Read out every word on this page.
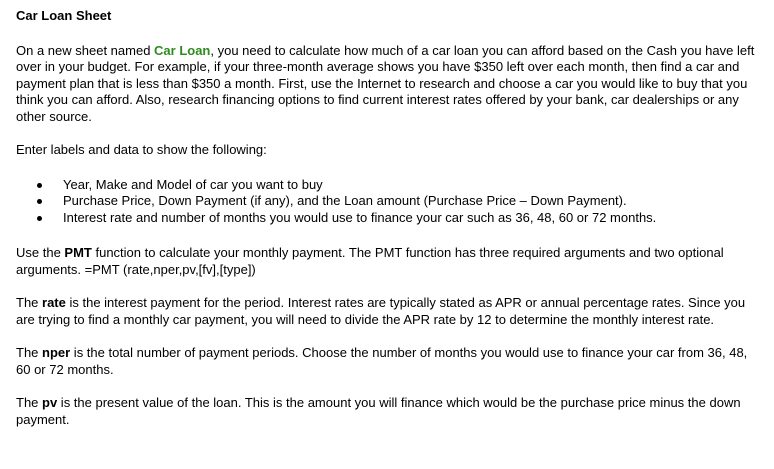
Car Loan Sheet

On a new sheet named Car Loan, you need to calculate how much of a car loan you can afford based on the Cash you have left over in your budget. For example, if your three-month average shows you have $350 left over each month, then find a car and payment plan that is less than $350 a month. First, use the Internet to research and choose a car you would like to buy that you think you can afford. Also, research financing options to find current interest rates offered by your bank, car dealerships or any other source.

Enter labels and data to show the following:

Year, Make and Model of car you want to buy
Purchase Price, Down Payment (if any), and the Loan amount (Purchase Price – Down Payment).
Interest rate and number of months you would use to finance your car such as 36, 48, 60 or 72 months.

Use the PMT function to calculate your monthly payment. The PMT function has three required arguments and two optional arguments. =PMT (rate,nper,pv,[fv],[type])

The rate is the interest payment for the period. Interest rates are typically stated as APR or annual percentage rates. Since you are trying to find a monthly car payment, you will need to divide the APR rate by 12 to determine the monthly interest rate.

The nper is the total number of payment periods. Choose the number of months you would use to finance your car from 36, 48, 60 or 72 months.

The pv is the present value of the loan. This is the amount you will finance which would be the purchase price minus the down payment.
